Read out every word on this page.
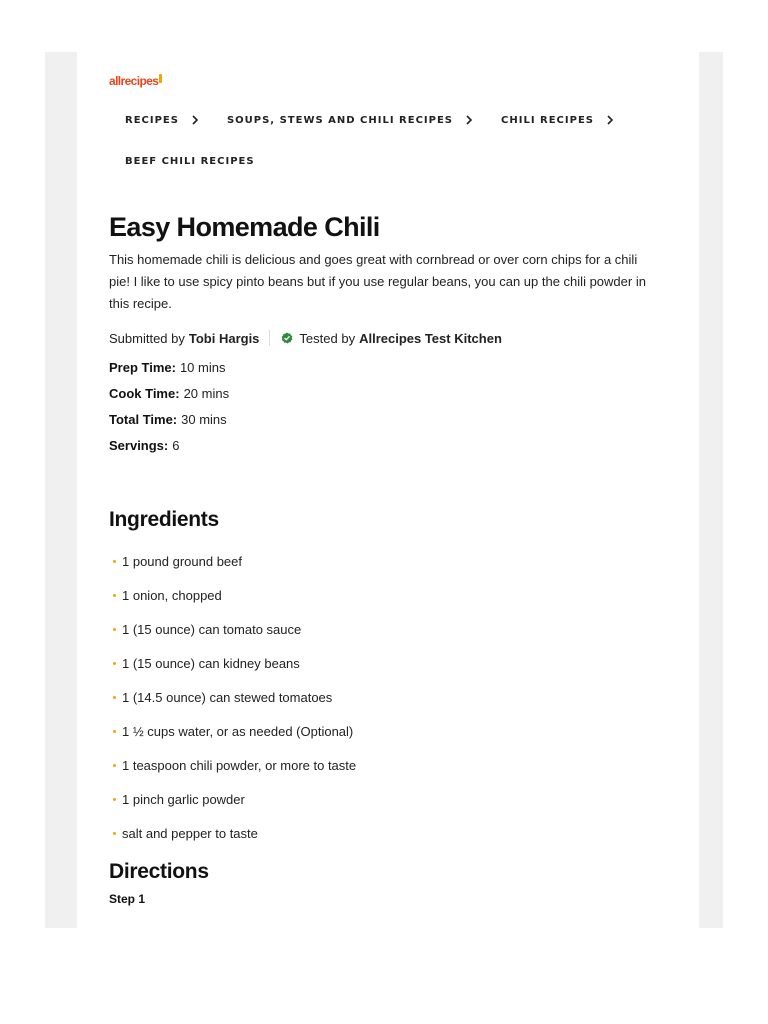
allrecipes
RECIPES	SOUPS, STEWS AND CHILI RECIPES	CHILI RECIPES
BEEF CHILI RECIPES
Easy Homemade Chili

This homemade chili is delicious and goes great with cornbread or over corn chips for a chili pie! I like to use spicy pinto beans but if you use regular beans, you can up the chili powder in this recipe.

Submitted by Tobi Hargis	Tested by Allrecipes Test Kitchen
Prep Time: 10 mins
Cook Time: 20 mins
Total Time: 30 mins
Servings: 6
Ingredients
1 pound ground beef
1 onion, chopped
1 (15 ounce) can tomato sauce
1 (15 ounce) can kidney beans
1 (14.5 ounce) can stewed tomatoes
1 ½ cups water, or as needed (Optional)
1 teaspoon chili powder, or more to taste
1 pinch garlic powder
salt and pepper to taste
Directions
Step 1
